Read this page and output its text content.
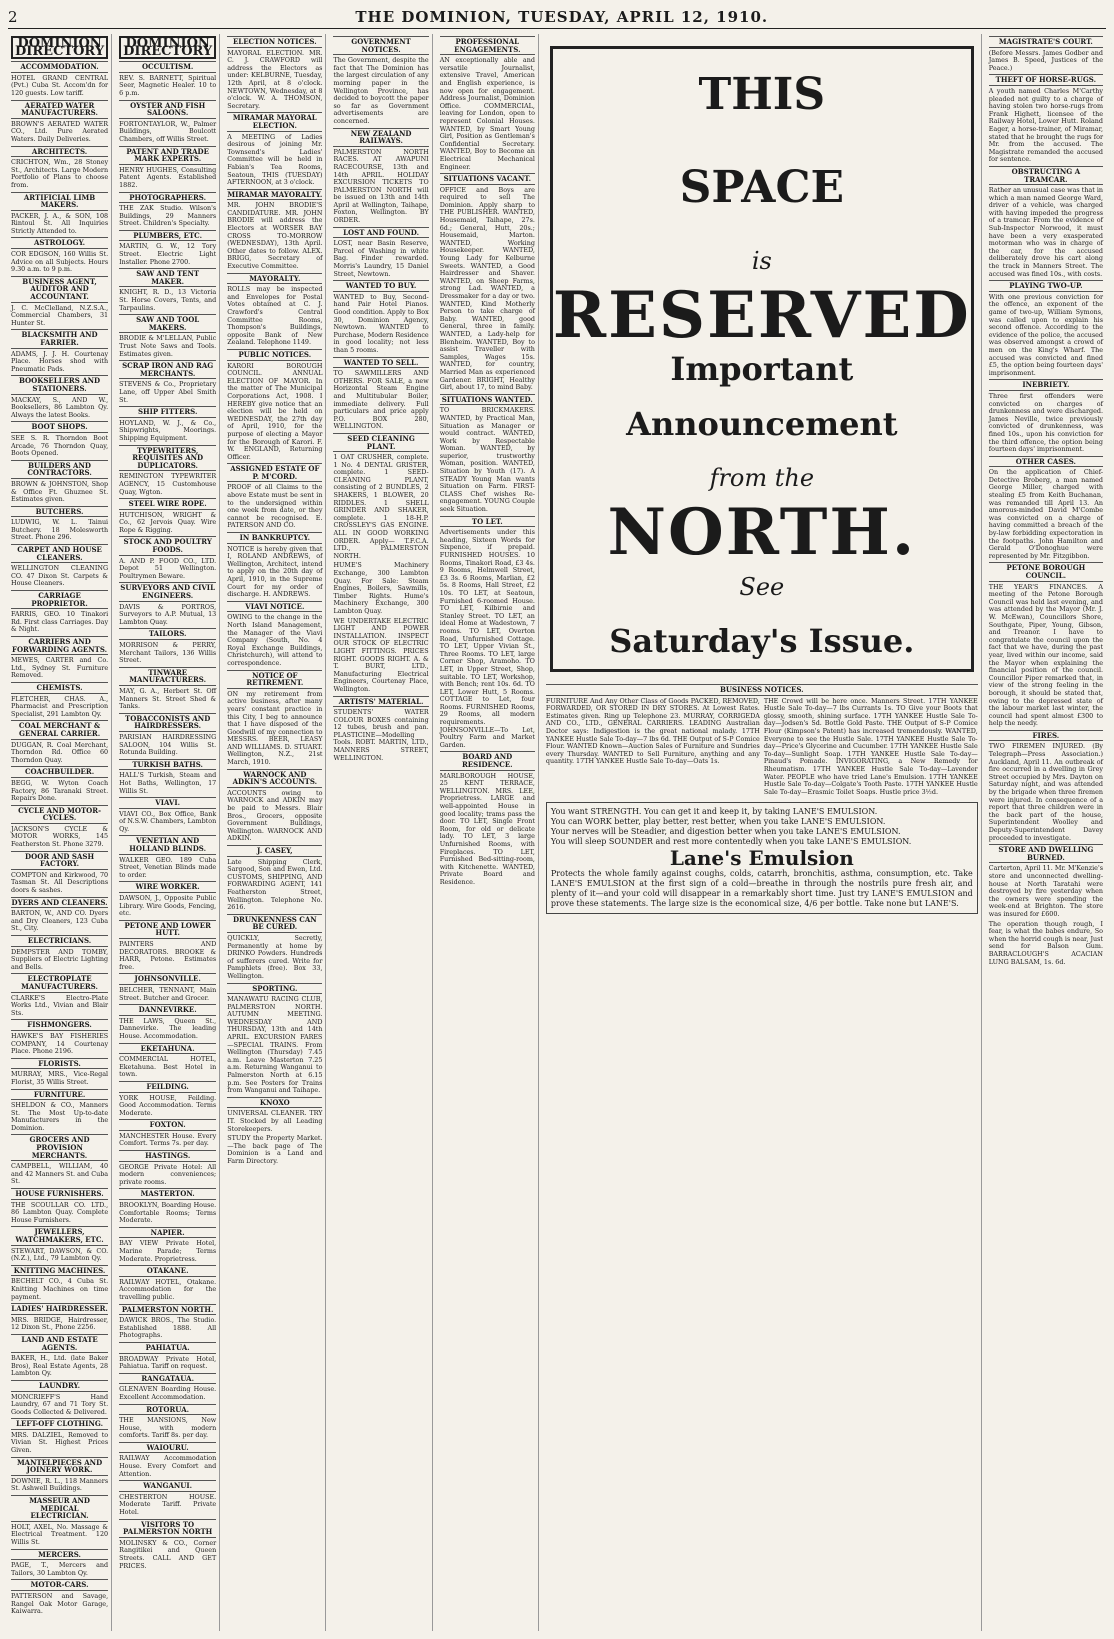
2	THE DOMINION, TUESDAY, APRIL 12, 1910.
DOMINION DIRECTORY
ACCOMMODATION.
HOTEL GRAND CENTRAL (Pvt.) Cuba St. Accom'dn for 120 guests. Low tariff.
AERATED WATER MANUFACTURERS.
BROWN'S AERATED WATER CO., Ltd. Pure Aerated Waters. Daily Deliveries.
ARCHITECTS.
CRICHTON, Wm., 28 Stoney St., Architects. Large Modern Portfolio of Plans to choose from.
ARTIFICIAL LIMB MAKERS.
PACKER, J. A., & SON, 108 Rintoul St. All Inquiries Strictly Attended to.
ASTROLOGY.
COR EDGSON, 160 Willis St. Advice on all Subjects. Hours 9.30 a.m. to 9 p.m.
BUSINESS AGENT, AUDITOR AND ACCOUNTANT.
J. C. McClelland, N.Z.S.A., Commercial Chambers, 31 Hunter St.
BLACKSMITH AND FARRIER.
ADAMS, J. J. H. Courtenay Place. Horses shod with Pneumatic Pads.
BOOKSELLERS AND STATIONERS.
MACKAY, S., AND W., Booksellers, 86 Lambton Qy. Always the latest Books.
BOOT SHOPS.
SEE S. R. Thorndon Boot Arcade, 76 Thorndon Quay, Boots Opened.
BUILDERS AND CONTRACTORS.
BROWN & JOHNSTON, Shop & Office Ft. Ghuznee St. Estimates given.
BUTCHERS.
LUDWIG, W. L. Tainui Butchery. 18 Molesworth Street. Phone 296.
CARPET AND HOUSE CLEANERS.
WELLINGTON CLEANING CO. 47 Dixon St. Carpets & House Cleaners.
CARRIAGE PROPRIETOR.
FARRIS, GEO. 10 Tinakori Rd. First class Carriages. Day & Night.
CARRIERS AND FORWARDING AGENTS.
MEWES, CARTER and Co. Ltd., Sydney St. Furniture Removed.
CHEMISTS.
FLETCHER, CHAS. A., Pharmacist and Prescription Specialist, 291 Lambton Qy.
COAL MERCHANT & GENERAL CARRIER.
DUGGAN, R. Coal Merchant, Thorndon Rd. Office 60 Thorndon Quay.
COACHBUILDER.
BEGG, W. Wyton Coach Factory, 86 Taranaki Street. Repairs Done.
CYCLE AND MOTOR-CYCLES.
JACKSON'S CYCLE & MOTOR WORKS, 145 Featherston St. Phone 3279.
DOOR AND SASH FACTORY.
COMPTON and Kirkwood, 70 Tasman St. All Descriptions doors & sashes.
DYERS AND CLEANERS.
BARTON, W., AND CO. Dyers and Dry Cleaners, 123 Cuba St., City.
ELECTRICIANS.
DEMPSTER AND TOMBY, Suppliers of Electric Lighting and Bells.
ELECTROPLATE MANUFACTURERS.
CLARKE'S Electro-Plate Works Ltd., Vivian and Blair Sts.
FISHMONGERS.
HAWKE'S BAY FISHERIES COMPANY, 14 Courtenay Place. Phone 2196.
FLORISTS.
MURRAY, MRS., Vice-Regal Florist, 35 Willis Street.
FURNITURE.
SHELDON & CO., Manners St. The Most Up-to-date Manufacturers in the Dominion.
GROCERS AND PROVISION MERCHANTS.
CAMPBELL, WILLIAM, 40 and 42 Manners St. and Cuba St.
HOUSE FURNISHERS.
THE SCOULLAR CO. LTD., 86 Lambton Quay. Complete House Furnishers.
JEWELLERS, WATCHMAKERS, ETC.
STEWART, DAWSON, & CO. (N.Z.), Ltd., 79 Lambton Qy.
KNITTING MACHINES.
BECHELT CO., 4 Cuba St. Knitting Machines on time payment.
LADIES' HAIRDRESSER.
MRS. BRIDGE, Hairdresser, 12 Dixon St., Phone 2256.
LAND AND ESTATE AGENTS.
BAKER, H., Ltd. (late Baker Bros), Real Estate Agents, 28 Lambton Qy.
LAUNDRY.
MONCRIEFF'S Hand Laundry, 67 and 71 Tory St. Goods Collected & Delivered.
LEFT-OFF CLOTHING.
MRS. DALZIEL, Removed to Vivian St. Highest Prices Given.
MANTELPIECES AND JOINERY WORK.
DOWNIE, R. L., 118 Manners St. Ashwell Buildings.
MASSEUR AND MEDICAL ELECTRICIAN.
HOLT, AXEL, No. Massage & Electrical Treatment. 120 Willis St.
MERCERS.
PAGE, T., Mercers and Tailors, 30 Lambton Qy.
MOTOR-CARS.
PATTERSON and Savage, Rangel Oak Motor Garage, Kaiwarra.
DOMINION DIRECTORY
OCCULTISM.
REV. S. BARNETT, Spiritual Seer, Magnetic Healer. 10 to 6 p.m.
OYSTER AND FISH SALOONS.
FORTONTAYLOR, W., Palmer Buildings, Boulcott Chambers, off Willis Street.
PATENT AND TRADE MARK EXPERTS.
HENRY HUGHES, Consulting Patent Agents. Established 1882.
PHOTOGRAPHERS.
THE ZAK Studio. Wilson's Buildings, 29 Manners Street. Children's Specialty.
PLUMBERS, ETC.
MARTIN, G. W., 12 Tory Street. Electric Light Installer. Phone 2700.
SAW AND TENT MAKER.
KNIGHT, R. D., 13 Victoria St. Horse Covers, Tents, and Tarpaulins.
SAW AND TOOL MAKERS.
BRODIE & M'LELLAN, Public Trust Note Saws and Tools. Estimates given.
SCRAP IRON AND RAG MERCHANTS.
STEVENS & Co., Proprietary Lane, off Upper Abel Smith St.
SHIP FITTERS.
HOYLAND, W. J., & Co., Shipwrights, Moorings. Shipping Equipment.
TYPEWRITERS, REQUISITES AND DUPLICATORS.
REMINGTON TYPEWRITER AGENCY, 15 Customhouse Quay, Wgton.
STEEL WIRE ROPE.
HUTCHISON, WRIGHT & Co., 62 Jervois Quay. Wire Rope & Rigging.
STOCK AND POULTRY FOODS.
A. AND P. FOOD CO., LTD. Depot 51 Wellington. Poultrymen Beware.
SURVEYORS AND CIVIL ENGINEERS.
DAVIS & PORTROS, Surveyors to A.P. Mutual, 13 Lambton Quay.
TAILORS.
MORRISON & PERRY, Merchant Tailors, 136 Willis Street.
TINWARE MANUFACTURERS.
MAY, G. A., Herbert St. Off Manners St. Street Shed & Tanks.
TOBACCONISTS AND HAIRDRESSERS.
PARISIAN HAIRDRESSING SALOON, 104 Willis St. Rotunda Building.
TURKISH BATHS.
HALL'S Turkish, Steam and Hot Baths, Wellington, 17 Willis St.
VIAVI.
VIAVI CO., Box Office, Bank of N.S.W. Chambers, Lambton Qy.
VENETIAN AND HOLLAND BLINDS.
WALKER GEO. 189 Cuba Street, Venetian Blinds made to order.
WIRE WORKER.
DAWSON, J., Opposite Public Library. Wire Goods, Fencing, etc.
PETONE AND LOWER HUTT.
PAINTERS AND DECORATORS. BROOKE & HARR, Petone. Estimates free.
JOHNSONVILLE.
BELCHER, TENNANT, Main Street. Butcher and Grocer.
DANNEVIRKE.
THE LAWS, Queen St., Dannevirke. The leading House. Accommodation.
EKETAHUNA.
COMMERCIAL HOTEL, Eketahuna. Best Hotel in town.
FEILDING.
YORK HOUSE, Feilding. Good Accommodation. Terms Moderate.
FOXTON.
MANCHESTER House. Every Comfort. Terms 7s. per day.
HASTINGS.
GEORGE Private Hotel: All modern conveniences; private rooms.
MASTERTON.
BROOKLYN, Boarding House. Comfortable Rooms; Terms Moderate.
NAPIER.
BAY VIEW Private Hotel, Marine Parade; Terms Moderate. Proprietress.
OTAKANE.
RAILWAY HOTEL, Otakane. Accommodation for the travelling public.
PALMERSTON NORTH.
DAWICK BROS., The Studio. Established 1888. All Photographs.
PAHIATUA.
BROADWAY Private Hotel, Pahiatua. Tariff on request.
RANGATAUA.
GLENAVEN Boarding House. Excellent Accommodation.
ROTORUA.
THE MANSIONS, New House, with modern comforts. Tariff 8s. per day.
WAIOURU.
RAILWAY Accommodation House. Every Comfort and Attention.
WANGANUI.
CHESTERTON HOUSE. Moderate Tariff. Private Hotel.
VISITORS TO PALMERSTON NORTH
MOLINSKY & CO., Corner Rangitikei and Queen Streets. CALL AND GET PRICES.
ELECTION NOTICES.
MAYORAL ELECTION. MR. C. J. CRAWFORD will address the Electors as under: KELBURNE, Tuesday, 12th April, at 8 o'clock. NEWTOWN, Wednesday, at 8 o'clock. W. A. THOMSON, Secretary.
MIRAMAR MAYORAL ELECTION.
A MEETING of Ladies desirous of joining Mr. Townsend's Ladies' Committee will be held in Fabian's Tea Rooms, Seatoun, THIS (TUESDAY) AFTERNOON, at 3 o'clock.
MIRAMAR MAYORALTY.
MR. JOHN BRODIE'S CANDIDATURE. MR. JOHN BRODIE will address the Electors at WORSER BAY CROSS TO-MORROW (WEDNESDAY), 13th April. Other dates to follow. ALEX. BRIGG, Secretary of Executive Committee.
MAYORALTY.
ROLLS may be inspected and Envelopes for Postal Votes obtained at C. J. Crawford's Central Committee Rooms, Thompson's Buildings, opposite Bank of New Zealand. Telephone 1149.
PUBLIC NOTICES.
KARORI BOROUGH COUNCIL. ANNUAL ELECTION OF MAYOR. In the matter of The Municipal Corporations Act, 1908. I HEREBY give notice that an election will be held on WEDNESDAY, the 27th day of April, 1910, for the purpose of electing a Mayor for the Borough of Karori. F. W. ENGLAND, Returning Officer.
ASSIGNED ESTATE OF P. M'CORD.
PROOF of all Claims to the above Estate must be sent in to the undersigned within one week from date, or they cannot be recognised. E. PATERSON AND CO.
IN BANKRUPTCY.
NOTICE is hereby given that I, ROLAND ANDREWS, of Wellington, Architect, intend to apply on the 20th day of April, 1910, in the Supreme Court for my order of discharge. H. ANDREWS.
VIAVI NOTICE.
OWING to the change in the North Island Management, the Manager of the Viavi Company (South, No. 4 Royal Exchange Buildings, Christchurch), will attend to correspondence.
NOTICE OF RETIREMENT.
ON my retirement from active business, after many years' constant practice in this City, I beg to announce that I have disposed of the Goodwill of my connection to MESSRS. BEER, LEASY AND WILLIAMS. D. STUART. Wellington, N.Z., 21st March, 1910.
WARNOCK AND ADKIN'S ACCOUNTS.
ACCOUNTS owing to WARNOCK and ADKIN may be paid to Messrs. Blair Bros., Grocers, opposite Government Buildings, Wellington. WARNOCK AND ADKIN.
J. CASEY,
Late Shipping Clerk, Sargood, Son and Ewen, Ltd. CUSTOMS, SHIPPING, AND FORWARDING AGENT, 141 Featherston Street, Wellington. Telephone No. 2616.
DRUNKENNESS CAN BE CURED.
QUICKLY, Secretly, Permanently at home by DRINKO Powders. Hundreds of sufferers cured. Write for Pamphlets (free). Box 33, Wellington.
SPORTING.
MANAWATU RACING CLUB, PALMERSTON NORTH. AUTUMN MEETING. WEDNESDAY AND THURSDAY, 13th and 14th APRIL. EXCURSION FARES—SPECIAL TRAINS. From Wellington (Thursday) 7.45 a.m. Leave Masterton 7.25 a.m. Returning Wanganui to Palmerston North at 6.15 p.m. See Posters for Trains from Wanganui and Taihape.
KNOXO
UNIVERSAL CLEANER. TRY IT. Stocked by all Leading Storekeepers.
STUDY the Property Market.—The back page of The Dominion is a Land and Farm Directory.
GOVERNMENT NOTICES.
The Government, despite the fact that The Dominion has the largest circulation of any morning paper in the Wellington Province, has decided to boycott the paper so far as Government advertisements are concerned.
NEW ZEALAND RAILWAYS.
PALMERSTON NORTH RACES. AT AWAPUNI RACECOURSE, 13th and 14th APRIL. HOLIDAY EXCURSION TICKETS TO PALMERSTON NORTH will be issued on 13th and 14th April at Wellington, Taihape, Foxton, Wellington. BY ORDER.
LOST AND FOUND.
LOST, near Basin Reserve, Parcel of Washing in white Bag. Finder rewarded. Morris's Laundry, 15 Daniel Street, Newtown.
WANTED TO BUY.
WANTED to Buy, Second-hand Pair Hotel Pianos. Good condition. Apply to Box 30, Dominion Agency, Newtown. WANTED to Purchase, Modern Residence in good locality; not less than 5 rooms.
WANTED TO SELL.
TO SAWMILLERS AND OTHERS. FOR SALE, a new Horizontal Steam Engine and Multitubular Boiler, immediate delivery. Full particulars and price apply P.O. BOX 280, WELLINGTON.
SEED CLEANING PLANT.
1 OAT CRUSHER, complete. 1 No. 4 DENTAL GRISTER, complete. 1 SEED-CLEANING PLANT, consisting of 2 BUNDLES, 2 SHAKERS, 1 BLOWER, 20 RIDDLES. 1 SHELL GRINDER AND SHAKER, complete. 1 18-H.P. CROSSLEY'S GAS ENGINE. ALL IN GOOD WORKING ORDER. Apply— T.F.C.A. LTD., PALMERSTON NORTH.
HUME'S Machinery Exchange, 300 Lambton Quay. For Sale: Steam Engines, Boilers, Sawmills, Timber Rights. Hume's Machinery Exchange, 300 Lambton Quay.
WE UNDERTAKE ELECTRIC LIGHT AND POWER INSTALLATION. INSPECT OUR STOCK OF ELECTRIC LIGHT FITTINGS. PRICES RIGHT. GOODS RIGHT. A. & T. BURT, LTD., Manufacturing Electrical Engineers, Courtenay Place, Wellington.
ARTISTS' MATERIAL.
STUDENTS' WATER COLOUR BOXES containing 12 tubes, brush and pan. PLASTICINE—Modelling Tools. ROBT. MARTIN, LTD., MANNERS STREET, WELLINGTON.
PROFESSIONAL ENGAGEMENTS.
AN exceptionally able and versatile Journalist, extensive Travel, American and English experience, is now open for engagement. Address Journalist, Dominion Office. COMMERCIAL, leaving for London, open to represent Colonial Houses. WANTED, by Smart Young Girl, Position as Gentleman's Confidential Secretary. WANTED, Boy to Become an Electrical Mechanical Engineer.
SITUATIONS VACANT.
OFFICE and Boys are required to sell The Dominion. Apply sharp to THE PUBLISHER. WANTED, Housemaid, Taihape, 27s. 6d.; General, Hutt, 20s.; Housemaid, Marton. WANTED, Working Housekeeper. WANTED, Young Lady for Kelburne Sweets. WANTED, a Good Hairdresser and Shaver. WANTED, on Sheep Farms, strong Lad. WANTED, a Dressmaker for a day or two. WANTED, Kind Motherly Person to take charge of Baby. WANTED, good General, three in family. WANTED, a Lady-help for Blenheim. WANTED, Boy to assist Traveller with Samples, Wages 15s. WANTED, for country, Married Man as experienced Gardener. BRIGHT, Healthy Girl, about 17, to mind Baby.
SITUATIONS WANTED.
TO BRICKMAKERS. WANTED, by Practical Man, Situation as Manager or would contract. WANTED, Work by Respectable Woman. WANTED, by superior, trustworthy Woman, position. WANTED, Situation by Youth (17). A STEADY Young Man wants Situation on Farm. FIRST-CLASS Chef wishes Re-engagement. YOUNG Couple seek Situation.
TO LET.
Advertisements under this heading, Sixteen Words for Sixpence, if prepaid. FURNISHED HOUSES. 10 Rooms, Tinakori Road, £3 4s. 9 Rooms, Helmwell Street, £3 3s. 6 Rooms, Marlian, £2 5s. 8 Rooms, Hall Street, £2 10s. TO LET, at Seatoun, Furnished 6-roomed House. TO LET, Kilbirnie and Stanley Street. TO LET, an ideal Home at Wadestown, 7 rooms. TO LET, Overton Road, Unfurnished Cottage. TO LET, Upper Vivian St., Three Rooms. TO LET, large Corner Shop, Aramoho. TO LET, in Upper Street, Shop, suitable. TO LET, Workshop, with Bench; rent 10s. 6d. TO LET, Lower Hutt, 5 Rooms. COTTAGE to Let, four Rooms. FURNISHED Rooms, 29 Rooms, all modern requirements. JOHNSONVILLE—To Let, Poultry Farm and Market Garden.
BOARD AND RESIDENCE.
MARLBOROUGH HOUSE, 25 KENT TERRACE, WELLINGTON. MRS. LEE, Proprietress. LARGE and well-appointed House in good locality; trams pass the door. TO LET, Single Front Room, for old or delicate lady. TO LET, 3 large Unfurnished Rooms, with Fireplaces. TO LET, Furnished Bed-sitting-room, with Kitchenette. WANTED, Private Board and Residence.
THIS
SPACE
is
RESERVED
Important
Announcement
from the
NORTH.
See
Saturday's Issue.
BUSINESS NOTICES.
FURNITURE And Any Other Class of Goods PACKED, REMOVED, FORWARDED, OR STORED IN DRY STORES. At Lowest Rates. Estimates given. Ring up Telephone 23. MURRAY, CORRIGEDA AND CO., LTD., GENERAL CARRIERS. LEADING Australian Doctor says: Indigestion is the great national malady. 17TH YANKEE Hustle Sale To-day—7 lbs 6d. THE Output of S-P Comice Flour. WANTED Known—Auction Sales of Furniture and Sundries every Thursday. WANTED to Sell Furniture, anything and any quantity. 17TH YANKEE Hustle Sale To-day—Oats 1s.
THE Crowd will be here once. Manners Street. 17TH YANKEE Hustle Sale To-day—7 lbs Currants 1s. TO Give your Boots that glossy, smooth, shining surface. 17TH YANKEE Hustle Sale To-day—Jodsen's Sd. Bottle Gold Paste. THE Output of S-P Comice Flour (Kimpson's Patent) has increased tremendously. WANTED, Everyone to see the Hustle Sale. 17TH YANKEE Hustle Sale To-day—Price's Glycerine and Cucumber. 17TH YANKEE Hustle Sale To-day—Sunlight Soap. 17TH YANKEE Hustle Sale To-day—Pinaud's Pomade. INVIGORATING, a New Remedy for Rheumatism. 17TH YANKEE Hustle Sale To-day—Lavender Water. PEOPLE who have tried Lane's Emulsion. 17TH YANKEE Hustle Sale To-day—Colgate's Tooth Paste. 17TH YANKEE Hustle Sale To-day—Erasmic Toilet Soaps. Hustle price 3½d.
You want STRENGTH. You can get it and keep it, by taking LANE'S EMULSION.
You can WORK better, play better, rest better, when you take LANE'S EMULSION.
Your nerves will be Steadier, and digestion better when you take LANE'S EMULSION.
You will sleep SOUNDER and rest more contentedly when you take LANE'S EMULSION.
Lane's Emulsion
Protects the whole family against coughs, colds, catarrh, bronchitis, asthma, consumption, etc. Take LANE'S EMULSION at the first sign of a cold—breathe in through the nostrils pure fresh air, and plenty of it—and your cold will disappear in a remarkably short time. Just try LANE'S EMULSION and prove these statements. The large size is the economical size, 4/6 per bottle. Take none but LANE'S.
MAGISTRATE'S COURT.
(Before Messrs. James Godber and James B. Speed, Justices of the Peace.)
THEFT OF HORSE-RUGS.
A youth named Charles M'Carthy pleaded not guilty to a charge of having stolen two horse-rugs from Frank Highett, licensee of the Railway Hotel, Lower Hutt. Roland Eager, a horse-trainer, of Miramar, stated that he brought the rugs for Mr. from the accused. The Magistrate remanded the accused for sentence.
OBSTRUCTING A TRAMCAR.
Rather an unusual case was that in which a man named George Ward, driver of a vehicle, was charged with having impeded the progress of a tramcar. From the evidence of Sub-Inspector Norwood, it must have been a very exasperated motorman who was in charge of the car, for the accused deliberately drove his cart along the track in Manners Street. The accused was fined 10s., with costs.
PLAYING TWO-UP.
With one previous conviction for the offence, an exponent of the game of two-up, William Symons, was called upon to explain his second offence. According to the evidence of the police, the accused was observed amongst a crowd of men on the King's Wharf. The accused was convicted and fined £5, the option being fourteen days' imprisonment.
INEBRIETY.
Three first offenders were convicted on charges of drunkenness and were discharged. James Neville, twice previously convicted of drunkenness, was fined 10s., upon his conviction for the third offence, the option being fourteen days' imprisonment.
OTHER CASES.
On the application of Chief-Detective Broberg, a man named George Miller, charged with stealing £5 from Keith Buchanan, was remanded till April 13. An amorous-minded David M'Combe was convicted on a charge of having committed a breach of the by-law forbidding expectoration in the footpaths. John Hamilton and Gerald O'Donoghue were represented by Mr. Fitzgibbon.
PETONE BOROUGH COUNCIL.
THE YEAR'S FINANCES. A meeting of the Petone Borough Council was held last evening, and was attended by the Mayor (Mr. J. W. McEwan), Councillors Shore, Southgate, Piper, Young, Gibson, and Treanor. I have to congratulate the council upon the fact that we have, during the past year, lived within our income, said the Mayor when explaining the financial position of the council. Councillor Piper remarked that, in view of the strong feeling in the borough, it should be stated that, owing to the depressed state of the labour market last winter, the council had spent almost £300 to help the needy.
FIRES.
TWO FIREMEN INJURED. (By Telegraph—Press Association.) Auckland, April 11. An outbreak of fire occurred in a dwelling in Grey Street occupied by Mrs. Dayton on Saturday night, and was attended by the brigade when three firemen were injured. In consequence of a report that three children were in the back part of the house, Superintendent Woolley and Deputy-Superintendent Davey proceeded to investigate.
STORE AND DWELLING BURNED.
Carterton, April 11. Mr. M'Kenzie's store and unconnected dwelling-house at North Taratahi were destroyed by fire yesterday when the owners were spending the week-end at Brighton. The store was insured for £600.
The operation though rough, I fear, is what the babes endure, So when the horrid cough is near, Just send for Balson Gum. BARRACLOUGH'S ACACIAN LUNG BALSAM, 1s. 6d.
